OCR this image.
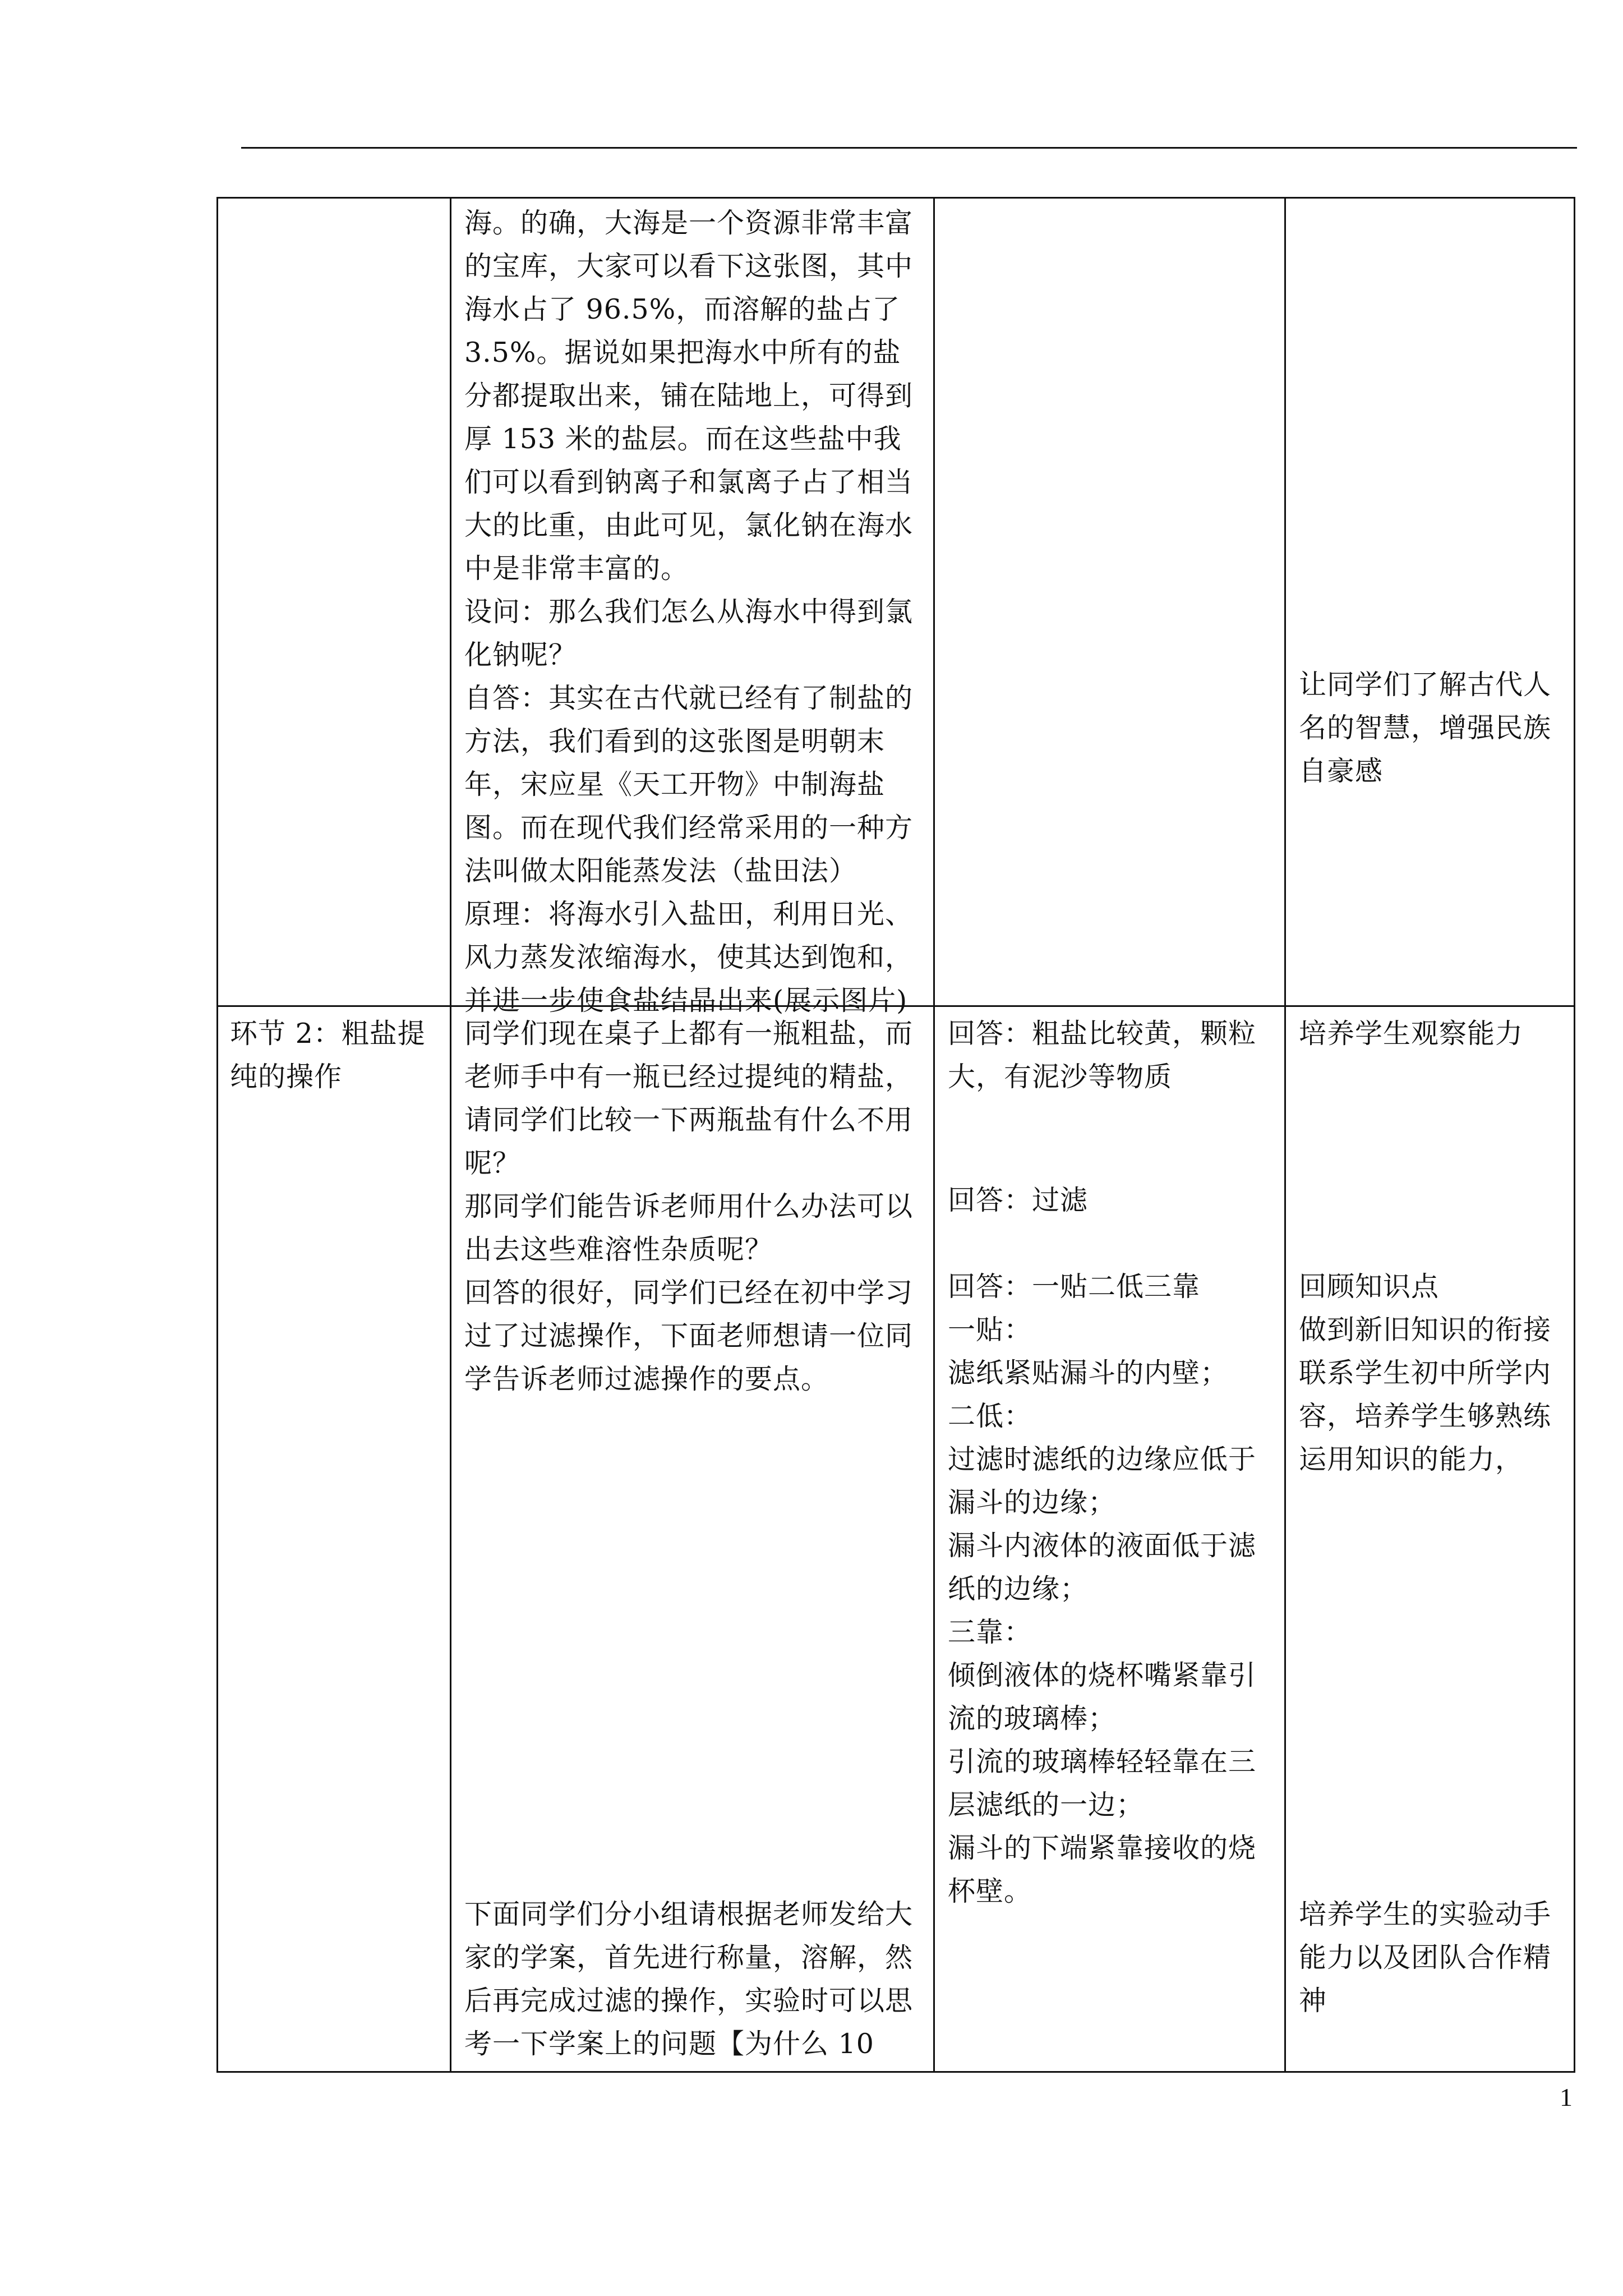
海。的确，大海是一个资源非常丰富的宝库，大家可以看下这张图，其中海水占了 96.5%，而溶解的盐占了 3.5%。据说如果把海水中所有的盐分都提取出来，铺在陆地上，可得到厚 153 米的盐层。而在这些盐中我们可以看到钠离子和氯离子占了相当大的比重，由此可见，氯化钠在海水中是非常丰富的。

设问：那么我们怎么从海水中得到氯化钠呢？

自答：其实在古代就已经有了制盐的方法，我们看到的这张图是明朝末年，宋应星《天工开物》中制海盐图。而在现代我们经常采用的一种方法叫做太阳能蒸发法（盐田法）

原理：将海水引入盐田，利用日光、风力蒸发浓缩海水，使其达到饱和，并进一步使食盐结晶出来(展示图片)

让同学们了解古代人名的智慧，增强民族自豪感

环节 2：粗盐提纯的操作

同学们现在桌子上都有一瓶粗盐，而老师手中有一瓶已经过提纯的精盐，请同学们比较一下两瓶盐有什么不用呢？

那同学们能告诉老师用什么办法可以出去这些难溶性杂质呢？

回答的很好，同学们已经在初中学习过了过滤操作，下面老师想请一位同学告诉老师过滤操作的要点。

下面同学们分小组请根据老师发给大家的学案，首先进行称量，溶解，然后再完成过滤的操作，实验时可以思考一下学案上的问题【为什么 10

回答：粗盐比较黄，颗粒大，有泥沙等物质

回答：过滤

回答：一贴二低三靠

一贴：

滤纸紧贴漏斗的内壁；

二低：

过滤时滤纸的边缘应低于漏斗的边缘；

漏斗内液体的液面低于滤纸的边缘；

三靠：

倾倒液体的烧杯嘴紧靠引流的玻璃棒；

引流的玻璃棒轻轻靠在三层滤纸的一边；

漏斗的下端紧靠接收的烧杯壁。

培养学生观察能力

回顾知识点

做到新旧知识的衔接联系学生初中所学内容，培养学生够熟练运用知识的能力，

培养学生的实验动手能力以及团队合作精神

1
